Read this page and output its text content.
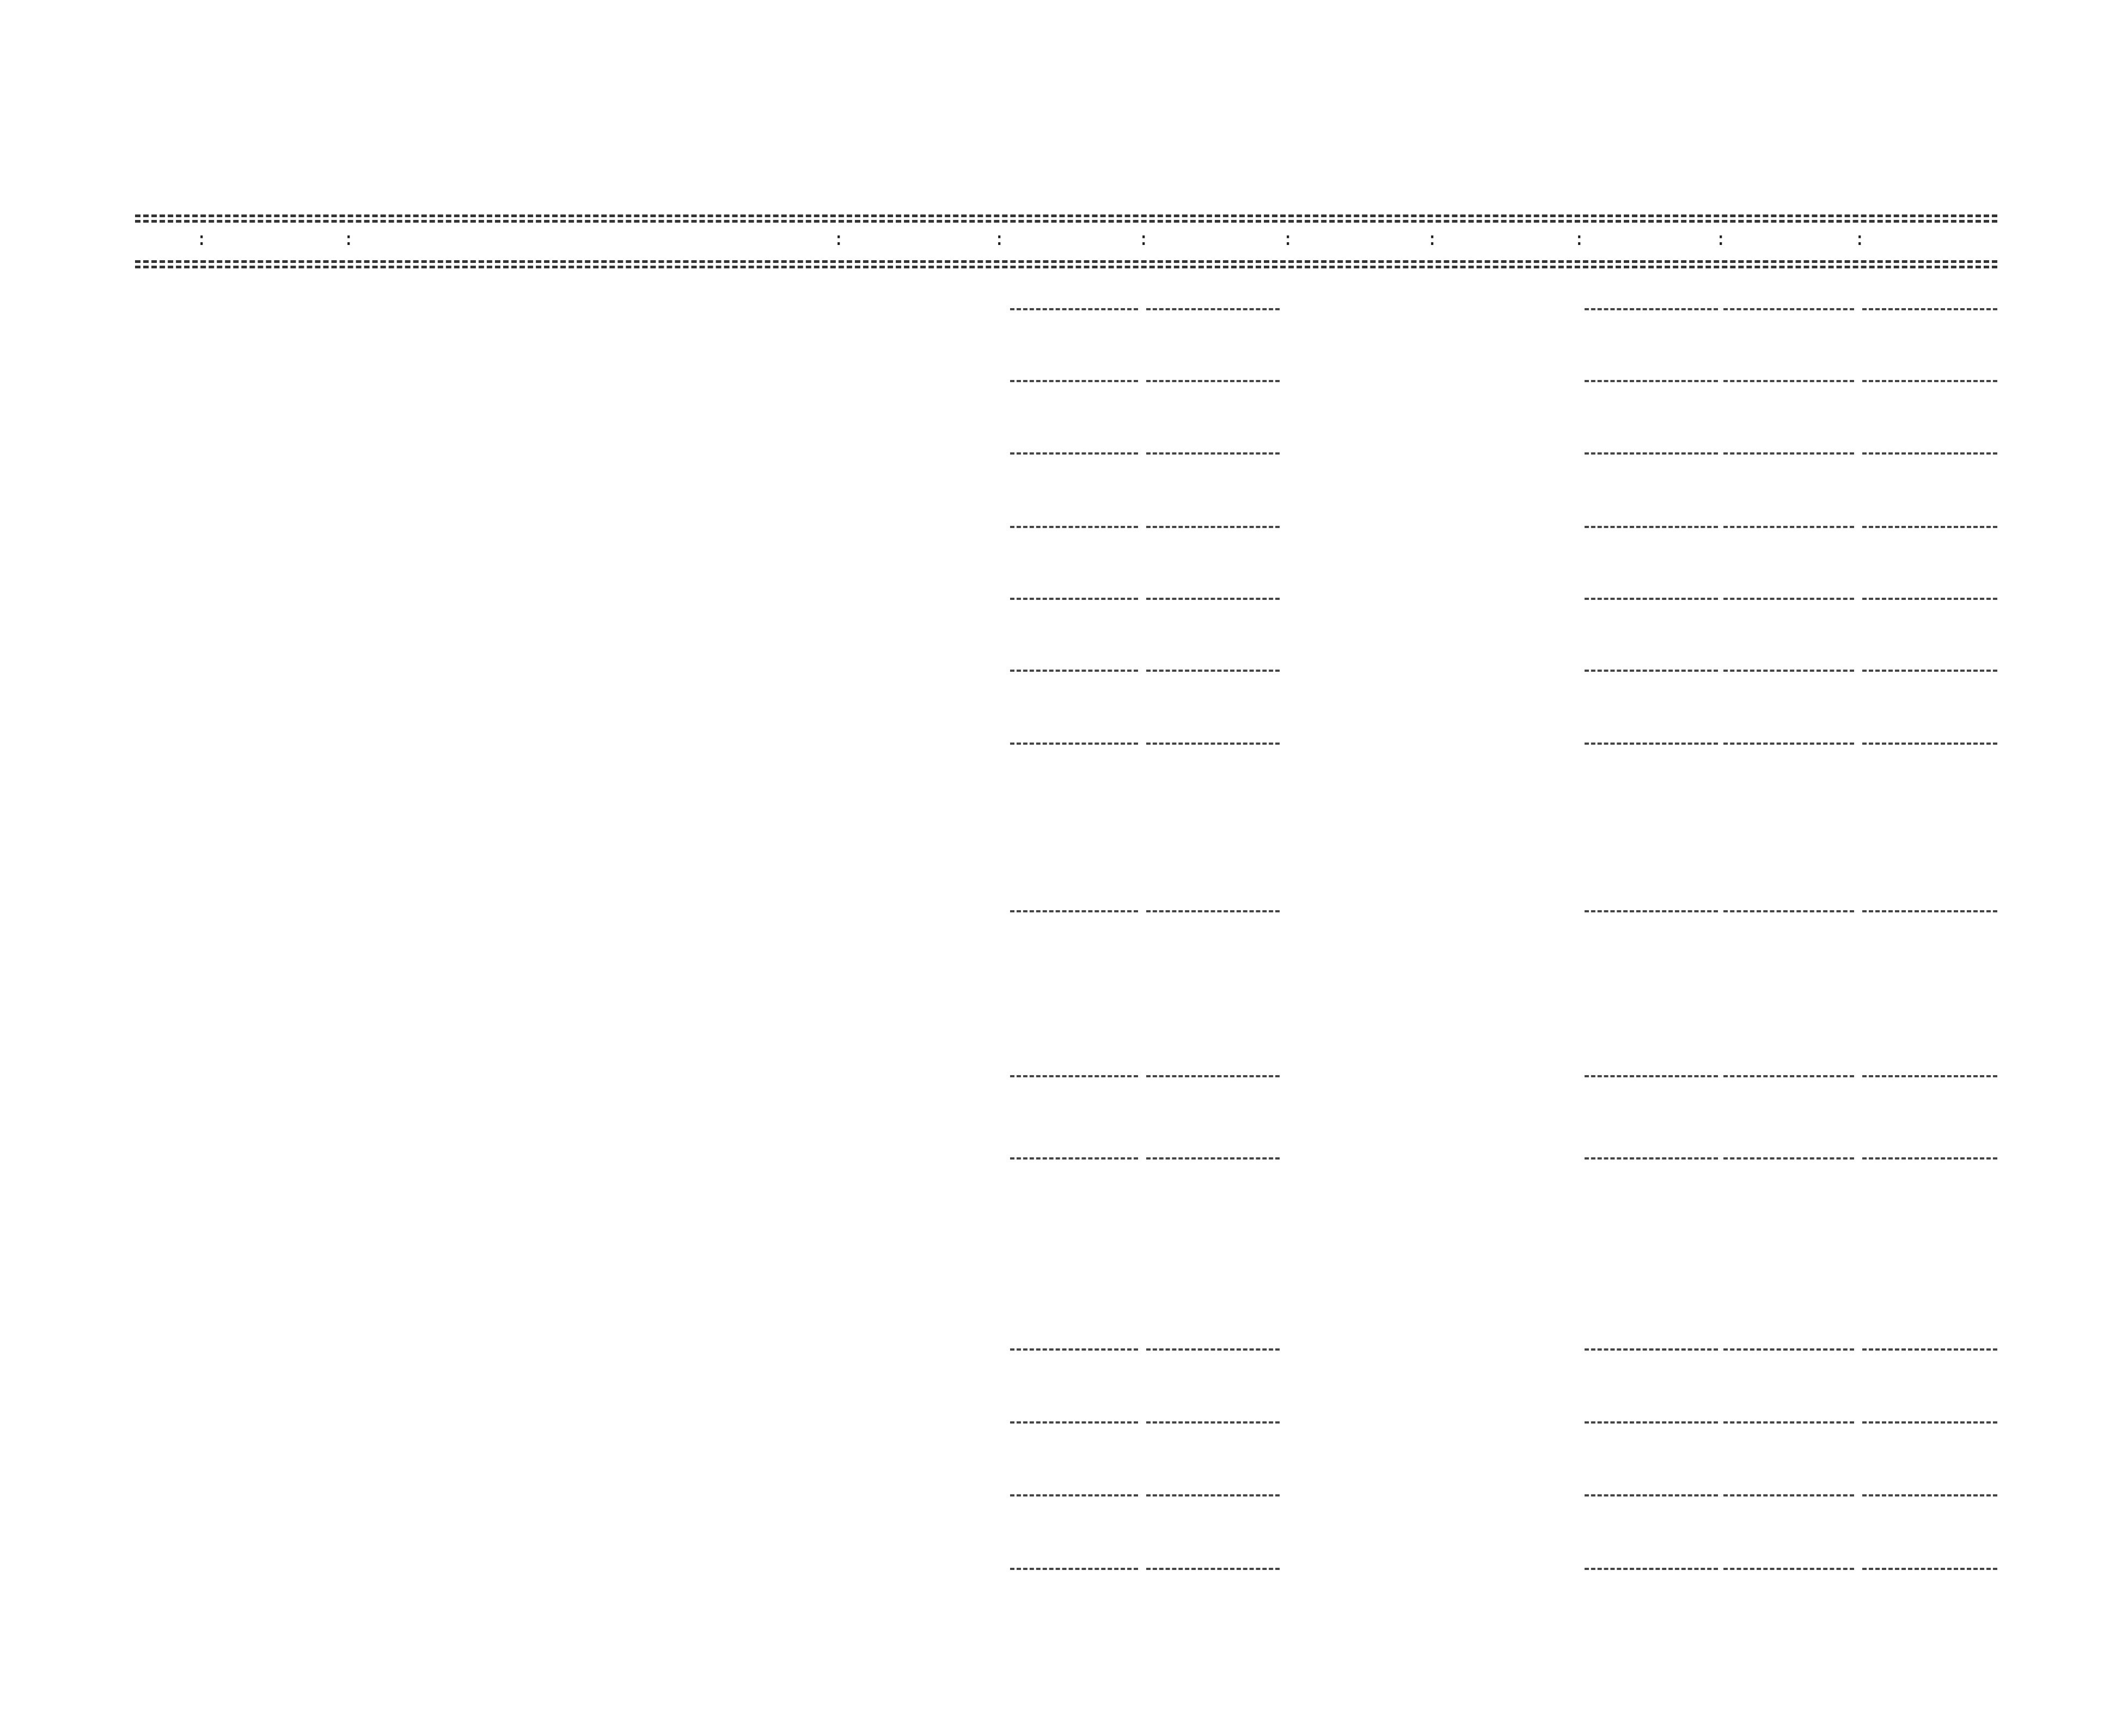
:	:	:	:	:	:	:	:	:	:
